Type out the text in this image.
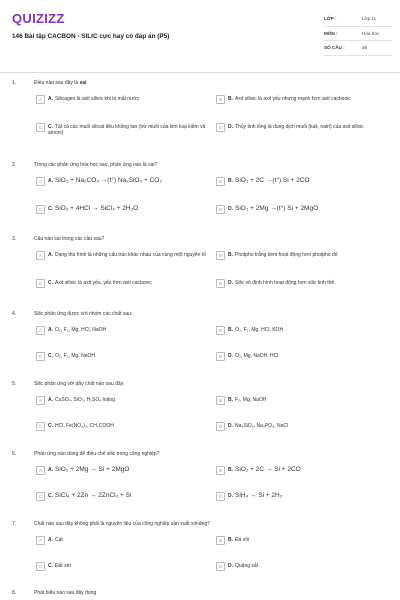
QUIZIZZ
146 Bài tập CACBON - SILIC cực hay có đáp án (P5)
LỚP :	Lớp 11
MÔN :	Hóa học
SỐ CÂU :	26
1.	Điều nào sau đây là sai
A	A. Silicagen là axit silixic khi bị mất nước	B	B. Axit silixic là axit yếu nhưng mạnh hơn axit cacbonic
C	C. Tất cả các muối silicat đều không tan (trừ muối của kim loại kiềm và amoni)
D	D. Thủy tinh lỏng là dung dịch muối (kali, natri) của axit silixic
2.	Trong các phản ứng hóa học sau, phản ứng nào là sai?
A	A. SiO₂ + Na₂CO₃ →(t°) Na₂SiO₃ + CO₂	B	B. SiO₂ + 2C →(t°) Si + 2CO
C	C. SiO₂ + 4HCl → SiCl₄ + 2H₂O	D	D. SiO₂ + 2Mg →(t°) Si + 2MgO
3.	Câu nào sai trong các câu sau?
A	A. Dạng thù hình là những cấu trúc khác nhau của cùng một nguyên tố	B	B. Photpho trắng kém hoạt động hơn photpho đỏ
C	C. Axit silixic là axit yếu, yếu hơn axit cacbonic	D	D. Silic vô định hình hoạt động hơn silic tinh thể
4.	Silic phản ứng được với nhóm các chất sau:
A	A. O₂, F₂, Mg, HCl, NaOH	B	B. O₂, F₂, Mg, HCl, KOH
C	C. O₂, F₂, Mg, NaOH	D	D. O₂, Mg, NaOH, HCl
5.	Silic phản ứng với dãy chất nào sau đây:
A	A. CuSO₄, SiO₂, H₂SO₄ loãng	B	B. F₂, Mg, NaOH
C	C. HCl, Fe(NO₃)₃, CH₃COOH	D	D. Na₂SiO₃, Na₃PO₄, NaCl
6.	Phản ứng nào dùng để điều chế silic trong công nghiệp?
A	A. SiO₂ + 2Mg → Si + 2MgO	B	B. SiO₂ + 2C → Si + 2CO
C	C. SiCl₄ + 2Zn → 2ZnCl₂ + Si	D	D. SiH₄ → Si + 2H₂
7.	Chất nào sau đây không phải là nguyên liệu của công nghiệp sản xuất ximăng?
A	A. Cát	B	B. Đá vôi
C	C. Đất sét	D	D. Quặng sắt
8.	Phát biểu nào sau đây đúng
